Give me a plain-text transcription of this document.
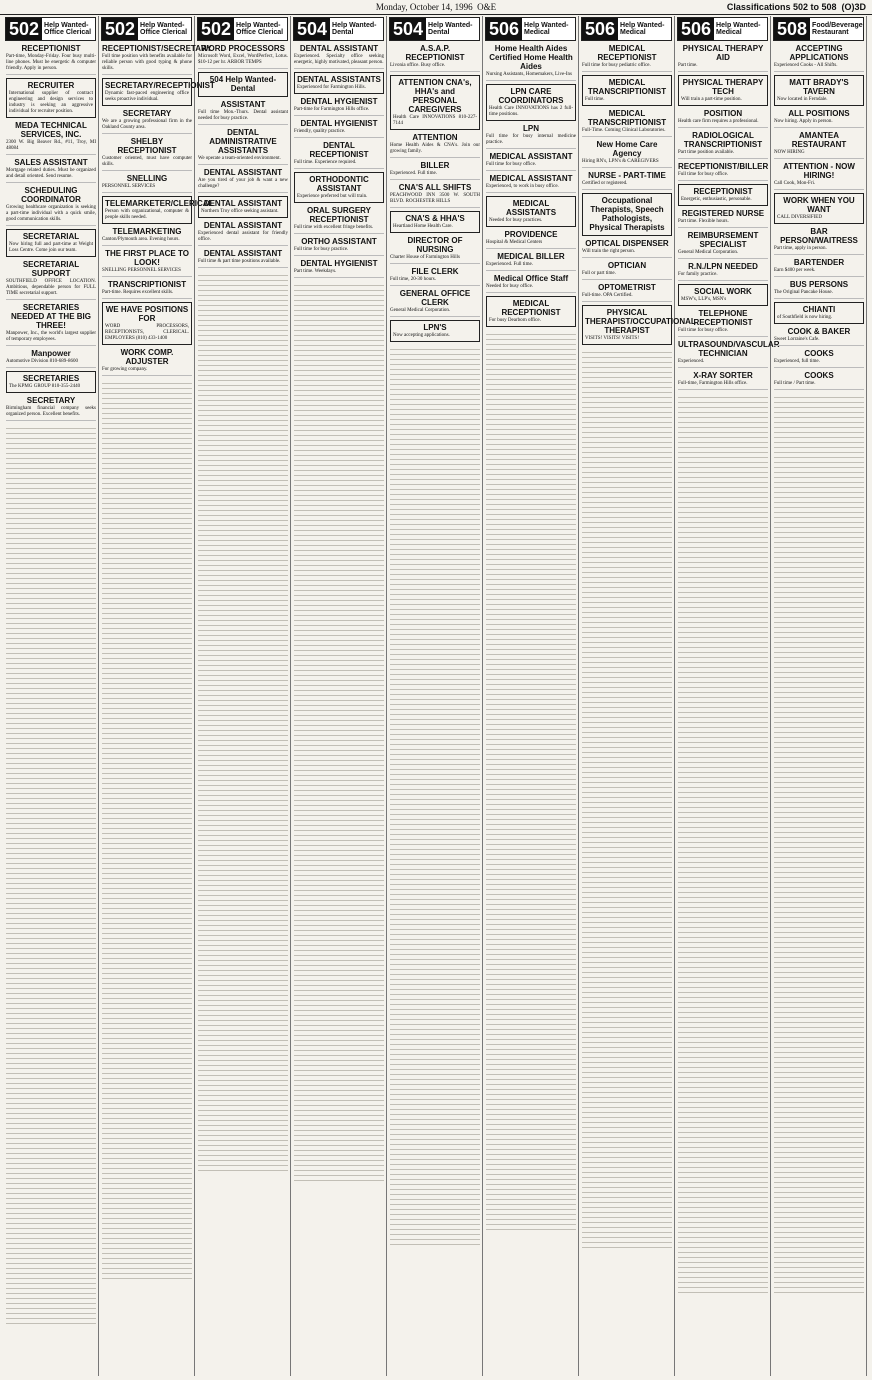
Monday, October 14, 1996 O&E	Classifications 502 to 508 (O)3D
502 Help Wanted-Office Clerical
RECEPTIONIST
Part-time, Monday-Friday. Four busy multi-line phones. Must be energetic & computer friendly. Apply in person.
RECRUITER
International supplier of contract engineering and design services to industry is seeking an aggressive individual for recruiter position.
MEDA TECHNICAL SERVICES, INC.
2300 W. Big Beaver Rd., #11, Troy, MI 48084
SALES ASSISTANT
Mortgage related duties. Must be organized and detail oriented. Send resume.
SCHEDULING COORDINATOR
Growing healthcare organization is seeking a part-time individual with a quick smile, good communication skills.
SECRETARIAL
Now hiring full and part-time at Weight Loss Centre. Come join our team.
SECRETARIAL SUPPORT
SOUTHFIELD OFFICE LOCATION. Ambitious, dependable person for FULL TIME secretarial support.
SECRETARIES NEEDED AT THE BIG THREE!
Manpower, Inc., the world's largest supplier of temporary employees.
Manpower
Automotive Division 810-689-8600
SECRETARIES
The KPMG GROUP 810-355-2440
SECRETARY
Birmingham financial company seeks organized person. Excellent benefits.
502 Help Wanted-Office Clerical
RECEPTIONIST/SECRETARY
Full time position with benefits available for reliable person with good typing & phone skills.
SECRETARY/RECEPTIONIST
Dynamic fast-paced engineering office seeks proactive individual.
SECRETARY
We are a growing professional firm in the Oakland County area.
SHELBY RECEPTIONIST
Customer oriented, must have computer skills.
SNELLING
PERSONNEL SERVICES
TELEMARKETER/CLERICAL
Person with organizational, computer & people skills needed.
TELEMARKETING
Canton/Plymouth area. Evening hours.
THE FIRST PLACE TO LOOK!
SNELLING PERSONNEL SERVICES
TRANSCRIPTIONIST
Part-time. Requires excellent skills.
WE HAVE POSITIONS FOR
WORD PROCESSORS, RECEPTIONISTS, CLERICAL. EMPLOYERS (810) 433-1400
WORK COMP. ADJUSTER
For growing company.
502 Help Wanted-Office Clerical
WORD PROCESSORS
Microsoft Word, Excel, WordPerfect, Lotus. $10-12 per hr. ARBOR TEMPS
504 Help Wanted-Dental
ASSISTANT
Full time Mon.-Thurs. Dental assistant needed for busy practice.
DENTAL ADMINISTRATIVE ASSISTANTS
We operate a team-oriented environment.
DENTAL ASSISTANT
Are you tired of your job & want a new challenge?
DENTAL ASSISTANT
Northern Troy office seeking assistant.
DENTAL ASSISTANT
Experienced dental assistant for friendly office.
DENTAL ASSISTANT
Full time & part time positions available.
504 Help Wanted-Dental
DENTAL ASSISTANT
Experienced. Specialty office seeking energetic, highly motivated, pleasant person.
DENTAL ASSISTANTS
Experienced for Farmington Hills.
DENTAL HYGIENIST
Part-time for Farmington Hills office.
DENTAL HYGIENIST
Friendly, quality practice.
DENTAL RECEPTIONIST
Full time. Experience required.
ORTHODONTIC ASSISTANT
Experience preferred but will train.
ORAL SURGERY RECEPTIONIST
Full time with excellent fringe benefits.
ORTHO ASSISTANT
Full time for busy practice.
DENTAL HYGIENIST
Part time. Weekdays.
504 Help Wanted-Dental
A.S.A.P. RECEPTIONIST
Livonia office. Busy office.
ATTENTION CNA's, HHA's and PERSONAL CAREGIVERS
Health Care INNOVATIONS 810-227-7144
ATTENTION
Home Health Aides & CNA's. Join our growing family.
BILLER
Experienced. Full time.
CNA'S ALL SHIFTS
PEACHWOOD INN 3500 W. SOUTH BLVD. ROCHESTER HILLS
CNA'S & HHA'S
Heartland Home Health Care.
DIRECTOR OF NURSING
Charter House of Farmington Hills
FILE CLERK
Full time, 20-30 hours.
GENERAL OFFICE CLERK
General Medical Corporation.
LPN'S
Now accepting applications.
506 Help Wanted-Medical
Home Health Aides Certified Home Health Aides
Nursing Assistants, Homemakers, Live-Ins
LPN CARE COORDINATORS
Health Care INNOVATIONS has 2 full-time positions.
LPN
Full time for busy internal medicine practice.
MEDICAL ASSISTANT
Full time for busy office.
MEDICAL ASSISTANT
Experienced, to work in busy office.
MEDICAL ASSISTANTS
Needed for busy practices.
PROVIDENCE
Hospital & Medical Centers
MEDICAL BILLER
Experienced. Full time.
Medical Office Staff
Needed for busy office.
MEDICAL RECEPTIONIST
For busy Dearborn office.
506 Help Wanted-Medical
MEDICAL RECEPTIONIST
Full time for busy pediatric office.
MEDICAL TRANSCRIPTIONIST
Full time.
MEDICAL TRANSCRIPTIONIST
Full-Time. Coming Clinical Laboratories.
New Home Care Agency
Hiring RN's, LPN's & CAREGIVERS
NURSE - PART-TIME
Certified or registered.
Occupational Therapists, Speech Pathologists, Physical Therapists
OPTICAL DISPENSER
Will train the right person.
OPTICIAN
Full or part time.
OPTOMETRIST
Full-time. OPA Certified.
PHYSICAL THERAPIST/OCCUPATIONAL THERAPIST
VISITS! VISITS! VISITS!
506 Help Wanted-Medical
PHYSICAL THERAPY AID
Part time.
PHYSICAL THERAPY TECH
Will train a part-time position.
POSITION
Health care firm requires a professional.
RADIOLOGICAL TRANSCRIPTIONIST
Part time position available.
RECEPTIONIST/BILLER
Full time for busy office.
RECEPTIONIST
Energetic, enthusiastic, personable.
REGISTERED NURSE
Part time. Flexible hours.
REIMBURSEMENT SPECIALIST
General Medical Corporation.
R.N./LPN NEEDED
For family practice.
SOCIAL WORK
MSW's, LLP's, MSN's
TELEPHONE RECEPTIONIST
Full time for busy office.
ULTRASOUND/VASCULAR TECHNICIAN
Experienced.
X-RAY SORTER
Full-time, Farmington Hills office.
508 Food/Beverage Restaurant
ACCEPTING APPLICATIONS
Experienced Cooks - All Shifts.
MATT BRADY'S TAVERN
Now located in Ferndale.
ALL POSITIONS
Now hiring. Apply in person.
AMANTEA RESTAURANT
NOW HIRING
ATTENTION - NOW HIRING!
Call Cook, Mon-Fri.
WORK WHEN YOU WANT
CALL DIVERSIFIED
BAR PERSON/WAITRESS
Part time, apply in person.
BARTENDER
Earn $400 per week.
BUS PERSONS
The Original Pancake House.
CHIANTI
of Southfield is now hiring.
COOK & BAKER
Sweet Lorraine's Cafe.
COOKS
Experienced, full time.
COOKS
Full time / Part time.
